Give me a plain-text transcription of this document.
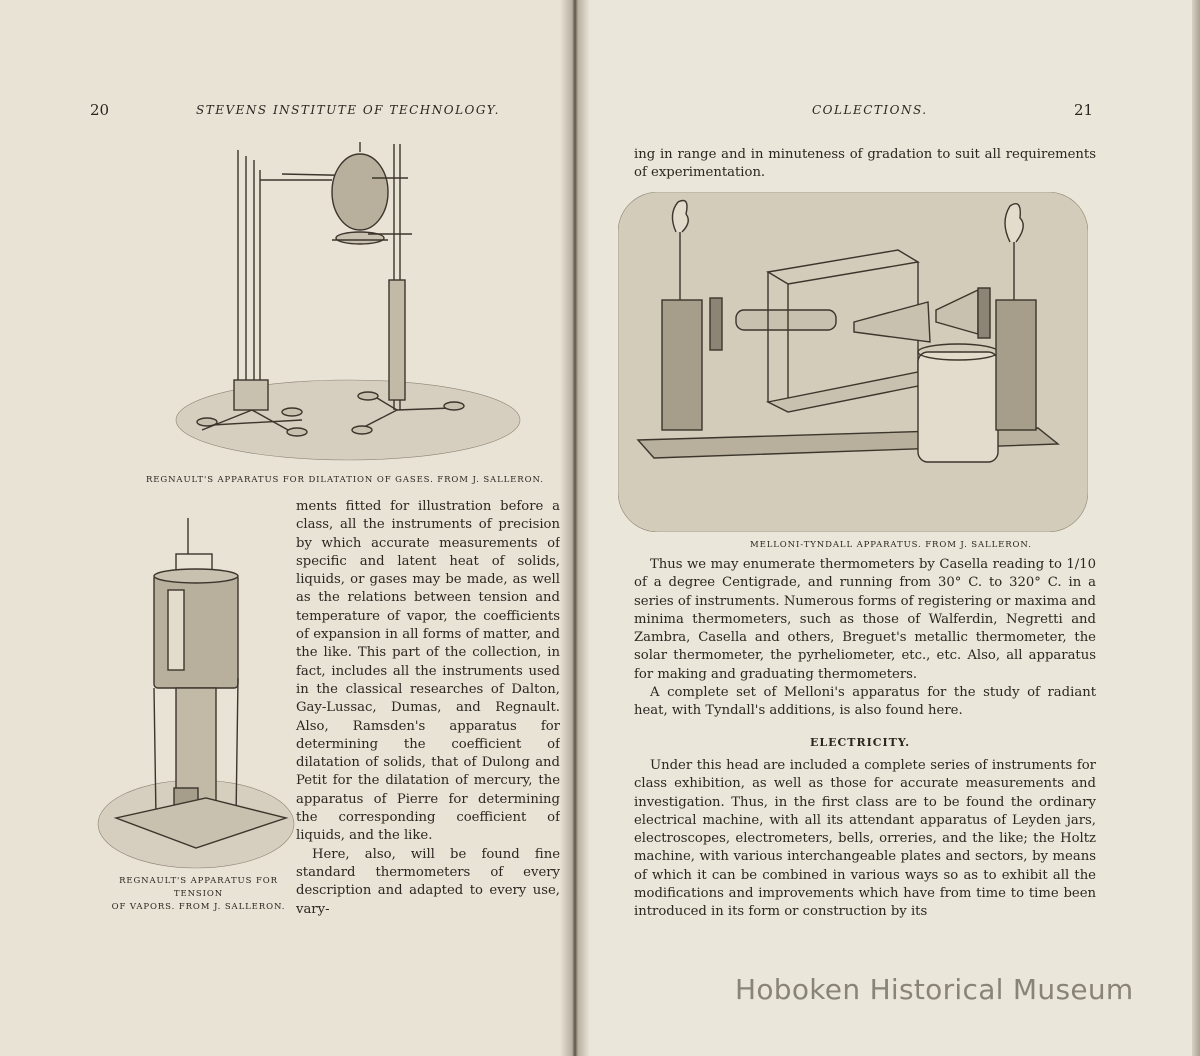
20	STEVENS INSTITUTE OF TECHNOLOGY.
REGNAULT'S APPARATUS FOR DILATATION OF GASES. FROM J. SALLERON.
REGNAULT'S APPARATUS FOR TENSION
OF VAPORS. FROM J. SALLERON.

ments fitted for illustration before a class, all the instruments of precision by which accurate measurements of specific and latent heat of solids, liquids, or gases may be made, as well as the relations between tension and temperature of vapor, the coefficients of expansion in all forms of matter, and the like. This part of the collection, in fact, includes all the instruments used in the classical researches of Dalton, Gay-Lussac, Dumas, and Regnault. Also, Ramsden's apparatus for determining the coefficient of dilatation of solids, that of Dulong and Petit for the dilatation of mercury, the apparatus of Pierre for determining the corresponding coefficient of liquids, and the like.

Here, also, will be found fine standard thermometers of every description and adapted to every use, vary-

COLLECTIONS.	21

ing in range and in minuteness of gradation to suit all requirements of experimentation.

MELLONI-TYNDALL APPARATUS. FROM J. SALLERON.

Thus we may enumerate thermometers by Casella reading to 1/10 of a degree Centigrade, and running from 30° C. to 320° C. in a series of instruments. Numerous forms of registering or maxima and minima thermometers, such as those of Walferdin, Negretti and Zambra, Casella and others, Breguet's metallic thermometer, the solar thermometer, the pyrheliometer, etc., etc. Also, all apparatus for making and graduating thermometers.

A complete set of Melloni's apparatus for the study of radiant heat, with Tyndall's additions, is also found here.

ELECTRICITY.

Under this head are included a complete series of instruments for class exhibition, as well as those for accurate measurements and investigation. Thus, in the first class are to be found the ordinary electrical machine, with all its attendant apparatus of Leyden jars, electroscopes, electrometers, bells, orreries, and the like; the Holtz machine, with various interchangeable plates and sectors, by means of which it can be combined in various ways so as to exhibit all the modifications and improvements which have from time to time been introduced in its form or construction by its

Hoboken Historical Museum
